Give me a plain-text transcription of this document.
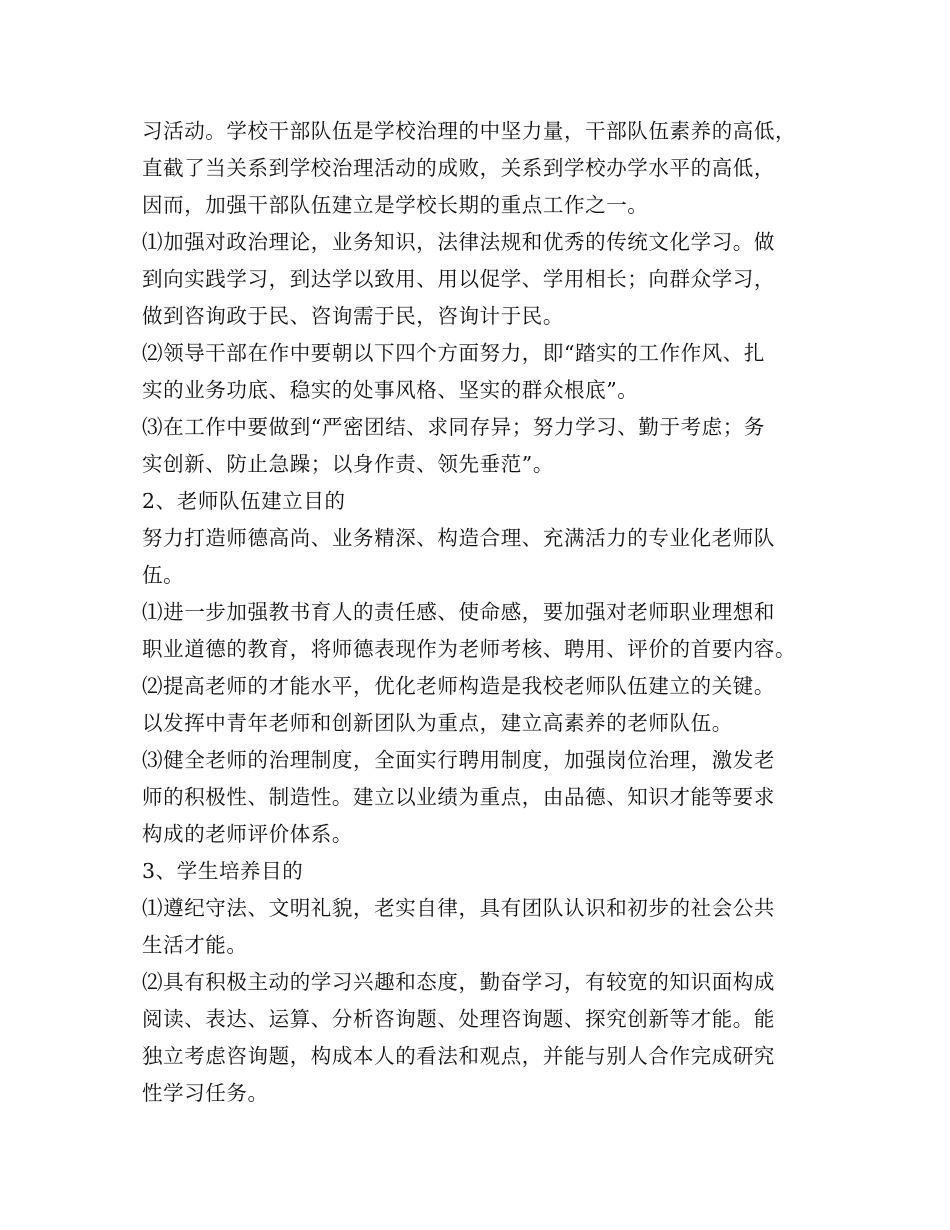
习活动。学校干部队伍是学校治理的中坚力量，干部队伍素养的高低，
直截了当关系到学校治理活动的成败，关系到学校办学水平的高低，
因而，加强干部队伍建立是学校长期的重点工作之一。
⑴加强对政治理论，业务知识，法律法规和优秀的传统文化学习。做
到向实践学习，到达学以致用、用以促学、学用相长；向群众学习，
做到咨询政于民、咨询需于民，咨询计于民。
⑵领导干部在作中要朝以下四个方面努力，即“踏实的工作作风、扎
实的业务功底、稳实的处事风格、坚实的群众根底”。
⑶在工作中要做到“严密团结、求同存异；努力学习、勤于考虑；务
实创新、防止急躁；以身作责、领先垂范”。
2、老师队伍建立目的
努力打造师德高尚、业务精深、构造合理、充满活力的专业化老师队
伍。
⑴进一步加强教书育人的责任感、使命感，要加强对老师职业理想和
职业道德的教育，将师德表现作为老师考核、聘用、评价的首要内容。
⑵提高老师的才能水平，优化老师构造是我校老师队伍建立的关键。
以发挥中青年老师和创新团队为重点，建立高素养的老师队伍。
⑶健全老师的治理制度，全面实行聘用制度，加强岗位治理，激发老
师的积极性、制造性。建立以业绩为重点，由品德、知识才能等要求
构成的老师评价体系。
3、学生培养目的
⑴遵纪守法、文明礼貌，老实自律，具有团队认识和初步的社会公共
生活才能。
⑵具有积极主动的学习兴趣和态度，勤奋学习，有较宽的知识面构成
阅读、表达、运算、分析咨询题、处理咨询题、探究创新等才能。能
独立考虑咨询题，构成本人的看法和观点，并能与别人合作完成研究
性学习任务。
